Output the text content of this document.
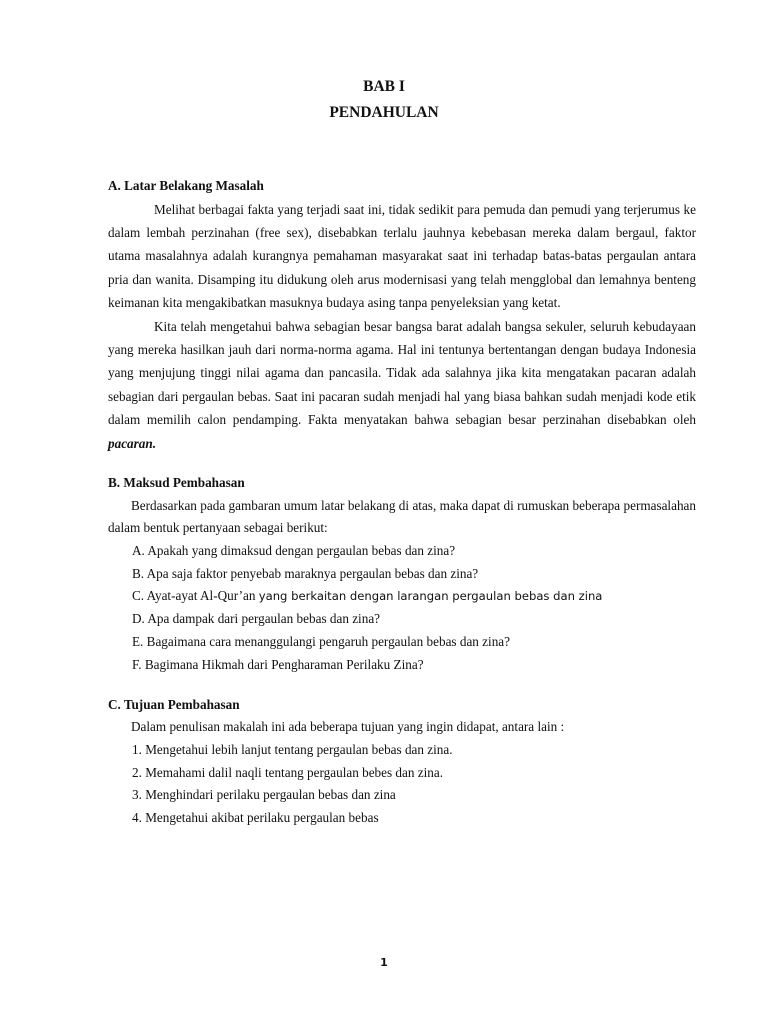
BAB I
PENDAHULAN

A. Latar Belakang Masalah

Melihat berbagai fakta yang terjadi saat ini, tidak sedikit para pemuda dan pemudi yang terjerumus ke dalam lembah perzinahan (free sex), disebabkan terlalu jauhnya kebebasan mereka dalam bergaul, faktor utama masalahnya adalah kurangnya pemahaman masyarakat saat ini terhadap batas-batas pergaulan antara pria dan wanita. Disamping itu didukung oleh arus modernisasi yang telah mengglobal dan lemahnya benteng keimanan kita mengakibatkan masuknya budaya asing tanpa penyeleksian yang ketat.

Kita telah mengetahui bahwa sebagian besar bangsa barat adalah bangsa sekuler, seluruh kebudayaan yang mereka hasilkan jauh dari norma-norma agama. Hal ini tentunya bertentangan dengan budaya Indonesia yang menjujung tinggi nilai agama dan pancasila. Tidak ada salahnya jika kita mengatakan pacaran adalah sebagian dari pergaulan bebas. Saat ini pacaran sudah menjadi hal yang biasa bahkan sudah menjadi kode etik dalam memilih calon pendamping. Fakta menyatakan bahwa sebagian besar perzinahan disebabkan oleh pacaran.

B. Maksud Pembahasan

Berdasarkan pada gambaran umum latar belakang di atas, maka dapat di rumuskan beberapa permasalahan dalam bentuk pertanyaan sebagai berikut:

A. Apakah yang dimaksud dengan pergaulan bebas dan zina?
B. Apa saja faktor penyebab maraknya pergaulan bebas dan zina?
C. Ayat-ayat Al-Qur’an yang berkaitan dengan larangan pergaulan bebas dan zina
D. Apa dampak dari pergaulan bebas dan zina?
E. Bagaimana cara menanggulangi pengaruh pergaulan bebas dan zina?
F. Bagimana Hikmah dari Pengharaman Perilaku Zina?

C. Tujuan Pembahasan

Dalam penulisan makalah ini ada beberapa tujuan yang ingin didapat, antara lain :

1. Mengetahui lebih lanjut tentang pergaulan bebas dan zina.
2. Memahami dalil naqli tentang pergaulan bebes dan zina.
3. Menghindari perilaku pergaulan bebas dan zina
4. Mengetahui akibat perilaku pergaulan bebas
1
